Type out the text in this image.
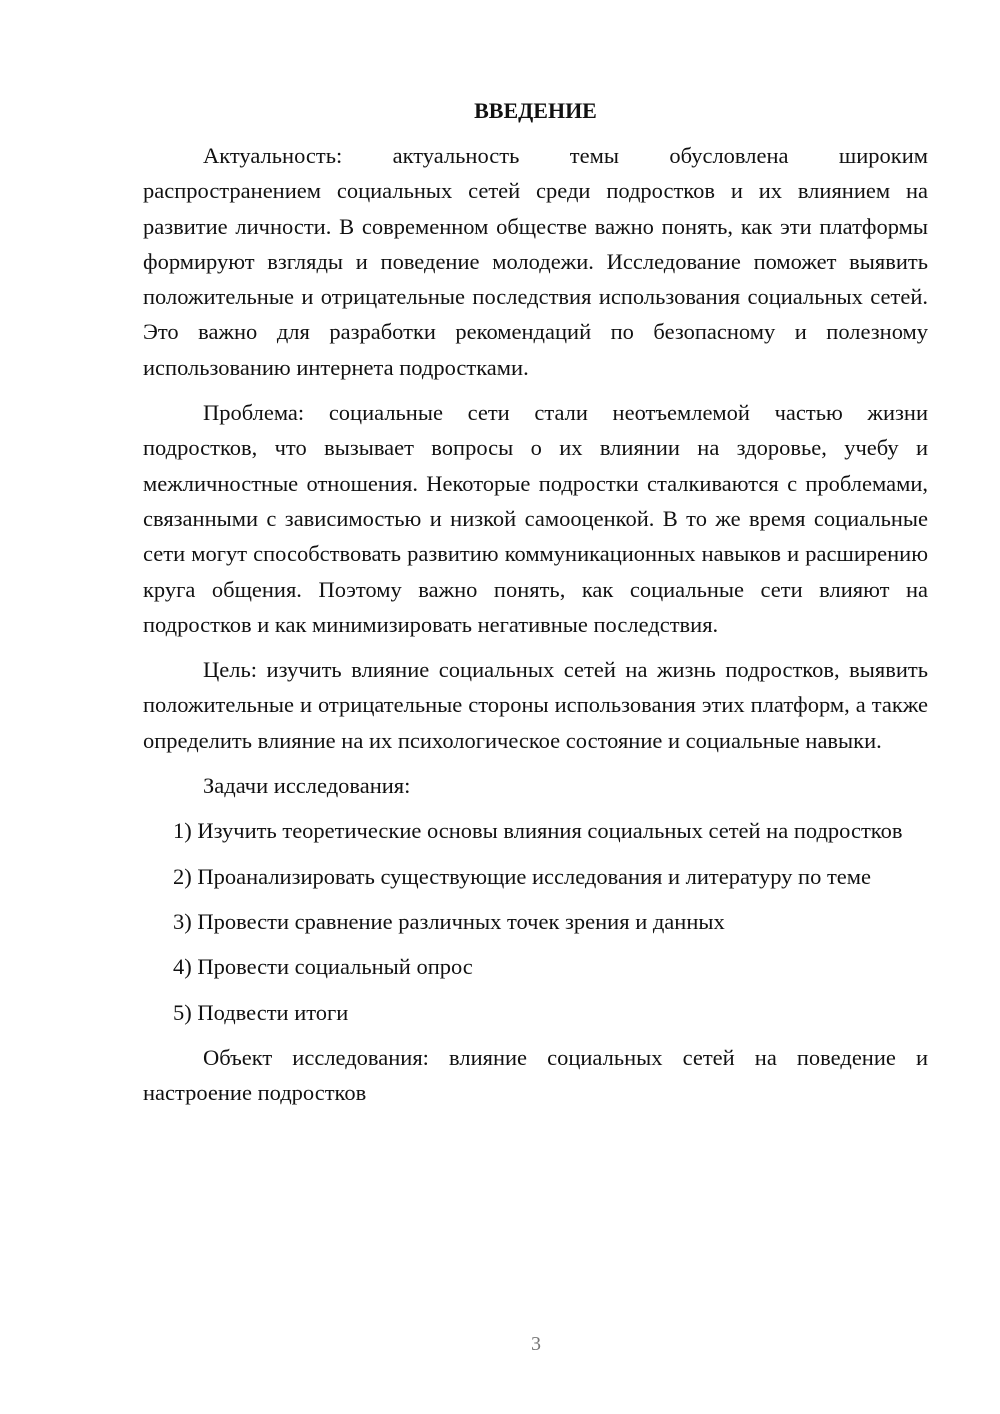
ВВЕДЕНИЕ

Актуальность: актуальность темы обусловлена широким распространением социальных сетей среди подростков и их влиянием на развитие личности. В современном обществе важно понять, как эти платформы формируют взгляды и поведение молодежи. Исследование поможет выявить положительные и отрицательные последствия использования социальных сетей. Это важно для разработки рекомендаций по безопасному и полезному использованию интернета подростками.

Проблема: социальные сети стали неотъемлемой частью жизни подростков, что вызывает вопросы о их влиянии на здоровье, учебу и межличностные отношения. Некоторые подростки сталкиваются с проблемами, связанными с зависимостью и низкой самооценкой. В то же время социальные сети могут способствовать развитию коммуникационных навыков и расширению круга общения. Поэтому важно понять, как социальные сети влияют на подростков и как минимизировать негативные последствия.

Цель: изучить влияние социальных сетей на жизнь подростков, выявить положительные и отрицательные стороны использования этих платформ, а также определить влияние на их психологическое состояние и социальные навыки.

Задачи исследования:

1) Изучить теоретические основы влияния социальных сетей на подростков

2) Проанализировать существующие исследования и литературу по теме

3) Провести сравнение различных точек зрения и данных

4) Провести социальный опрос

5) Подвести итоги

Объект исследования: влияние социальных сетей на поведение и настроение подростков

3
